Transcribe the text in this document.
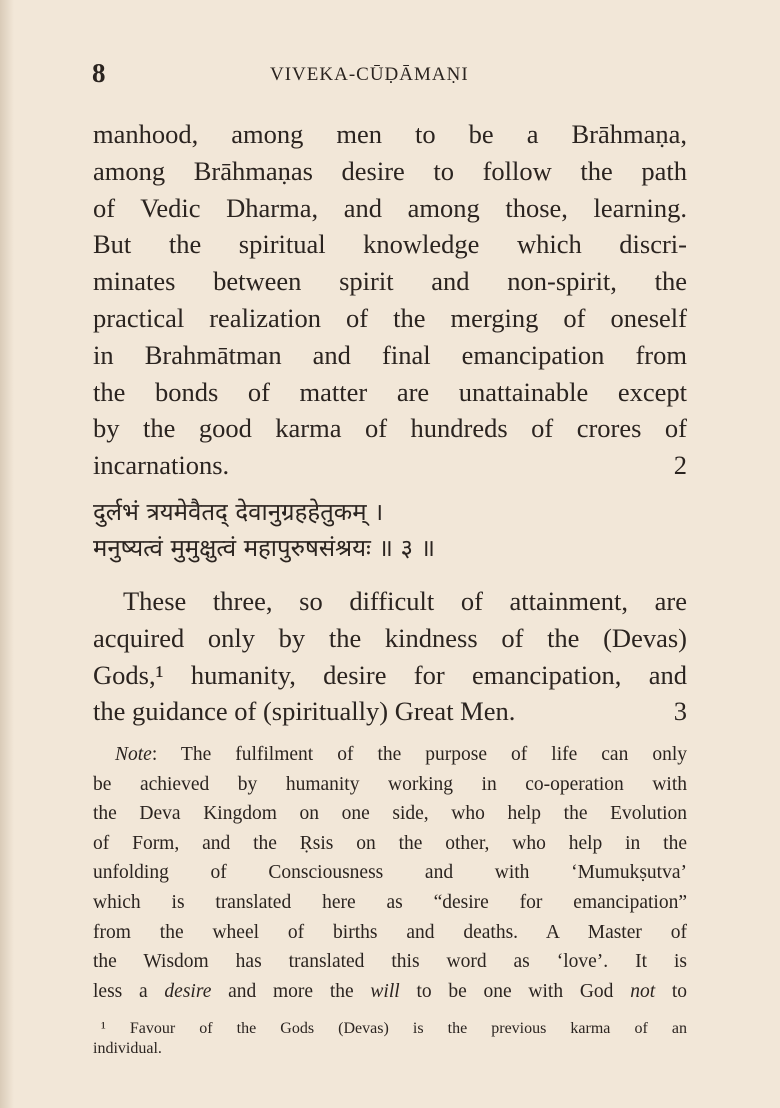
8	VIVEKA-CŪḌĀMAṆI
manhood, among men to be a Brāhmaṇa,
among Brāhmaṇas desire to follow the path
of Vedic Dharma, and among those, learning.
But the spiritual knowledge which discri-
minates between spirit and non-spirit, the
practical realization of the merging of oneself
in Brahmātman and final emancipation from
the bonds of matter are unattainable except
by the good karma of hundreds of crores of
incarnations.	2
दुर्लभं त्रयमेवैतद् देवानुग्रहहेतुकम् ।
मनुष्यत्वं मुमुक्षुत्वं महापुरुषसंश्रयः ॥ ३ ॥
These three, so difficult of attainment, are
acquired only by the kindness of the (Devas)
Gods,¹ humanity, desire for emancipation, and
the guidance of (spiritually) Great Men.	3
Note: The fulfilment of the purpose of life can only
be achieved by humanity working in co-operation with
the Deva Kingdom on one side, who help the Evolution
of Form, and the Ṛsis on the other, who help in the
unfolding of Consciousness and with ‘Mumukṣutva’
which is translated here as “desire for emancipation”
from the wheel of births and deaths. A Master of
the Wisdom has translated this word as ‘love’. It is
less a desire and more the will to be one with God not to
¹ Favour of the Gods (Devas) is the previous karma of an
individual.
